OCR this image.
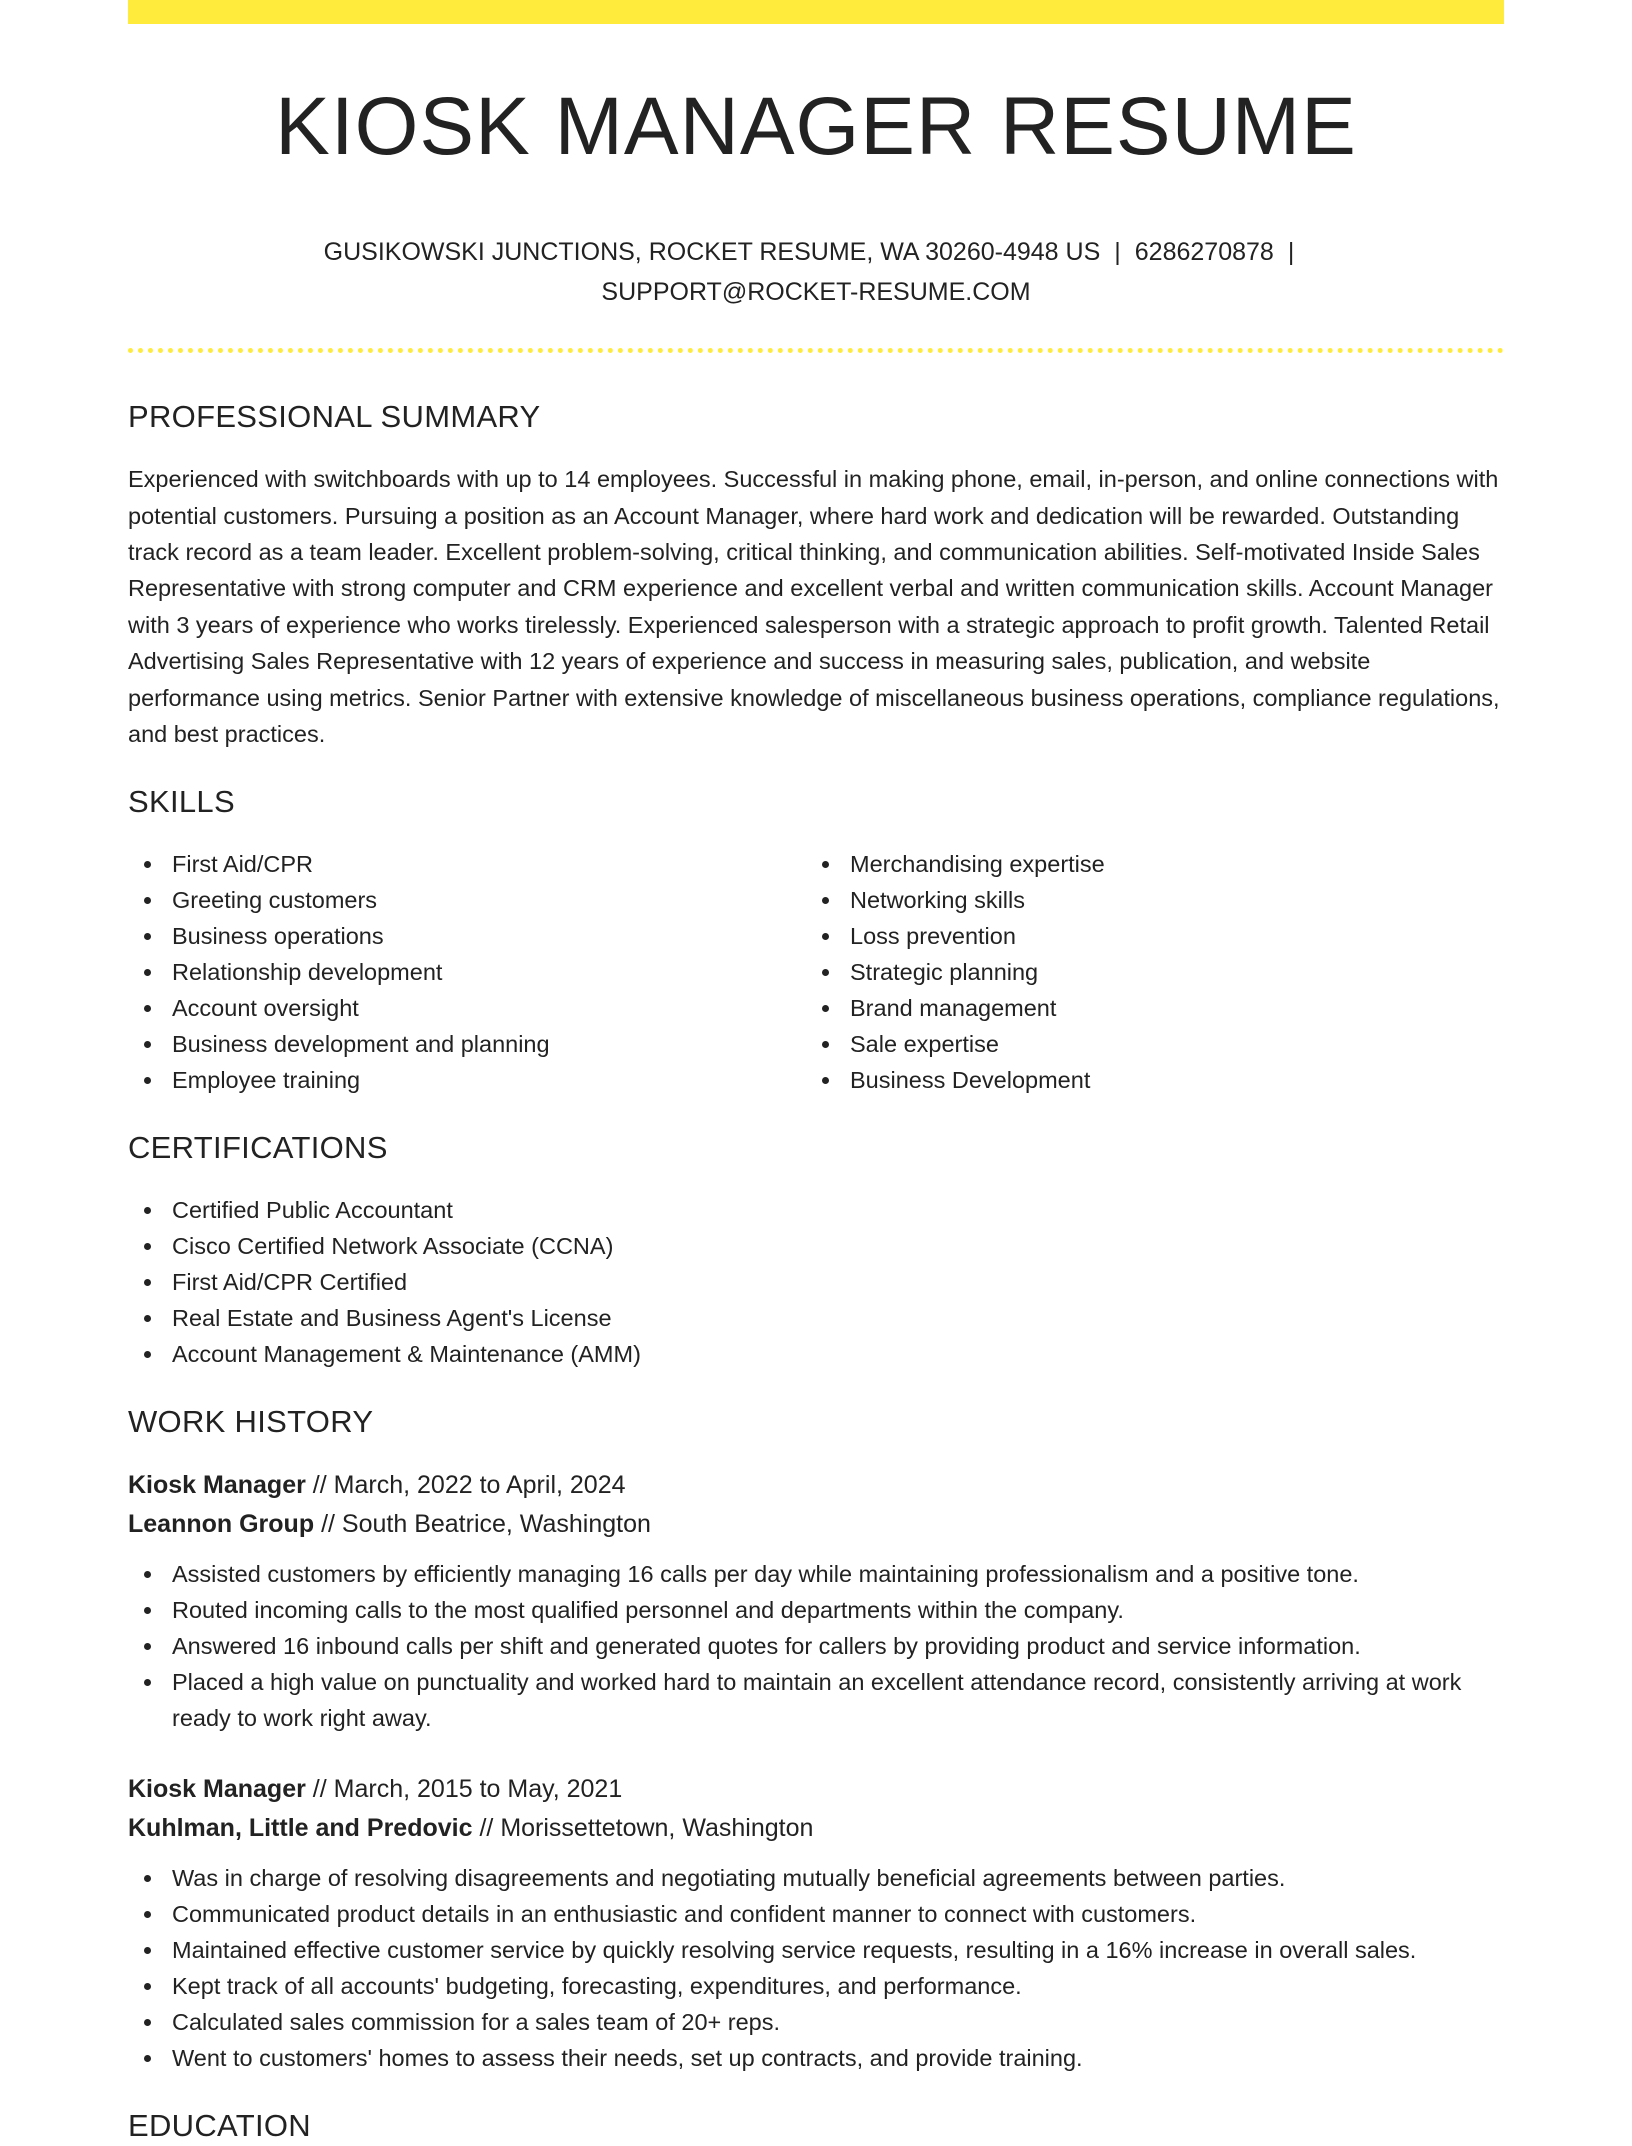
KIOSK MANAGER RESUME
GUSIKOWSKI JUNCTIONS, ROCKET RESUME, WA 30260-4948 US | 6286270878 |
SUPPORT@ROCKET-RESUME.COM
PROFESSIONAL SUMMARY

Experienced with switchboards with up to 14 employees. Successful in making phone, email, in-person, and online connections with potential customers. Pursuing a position as an Account Manager, where hard work and dedication will be rewarded. Outstanding track record as a team leader. Excellent problem-solving, critical thinking, and communication abilities. Self-motivated Inside Sales Representative with strong computer and CRM experience and excellent verbal and written communication skills. Account Manager with 3 years of experience who works tirelessly. Experienced salesperson with a strategic approach to profit growth. Talented Retail Advertising Sales Representative with 12 years of experience and success in measuring sales, publication, and website performance using metrics. Senior Partner with extensive knowledge of miscellaneous business operations, compliance regulations, and best practices.

SKILLS
First Aid/CPR
Greeting customers
Business operations
Relationship development
Account oversight
Business development and planning
Employee training
Merchandising expertise
Networking skills
Loss prevention
Strategic planning
Brand management
Sale expertise
Business Development
CERTIFICATIONS
Certified Public Accountant
Cisco Certified Network Associate (CCNA)
First Aid/CPR Certified
Real Estate and Business Agent's License
Account Management & Maintenance (AMM)
WORK HISTORY
Kiosk Manager // March, 2022 to April, 2024
Leannon Group // South Beatrice, Washington
Assisted customers by efficiently managing 16 calls per day while maintaining professionalism and a positive tone.
Routed incoming calls to the most qualified personnel and departments within the company.
Answered 16 inbound calls per shift and generated quotes for callers by providing product and service information.
Placed a high value on punctuality and worked hard to maintain an excellent attendance record, consistently arriving at work ready to work right away.
Kiosk Manager // March, 2015 to May, 2021
Kuhlman, Little and Predovic // Morissettetown, Washington
Was in charge of resolving disagreements and negotiating mutually beneficial agreements between parties.
Communicated product details in an enthusiastic and confident manner to connect with customers.
Maintained effective customer service by quickly resolving service requests, resulting in a 16% increase in overall sales.
Kept track of all accounts' budgeting, forecasting, expenditures, and performance.
Calculated sales commission for a sales team of 20+ reps.
Went to customers' homes to assess their needs, set up contracts, and provide training.
EDUCATION
